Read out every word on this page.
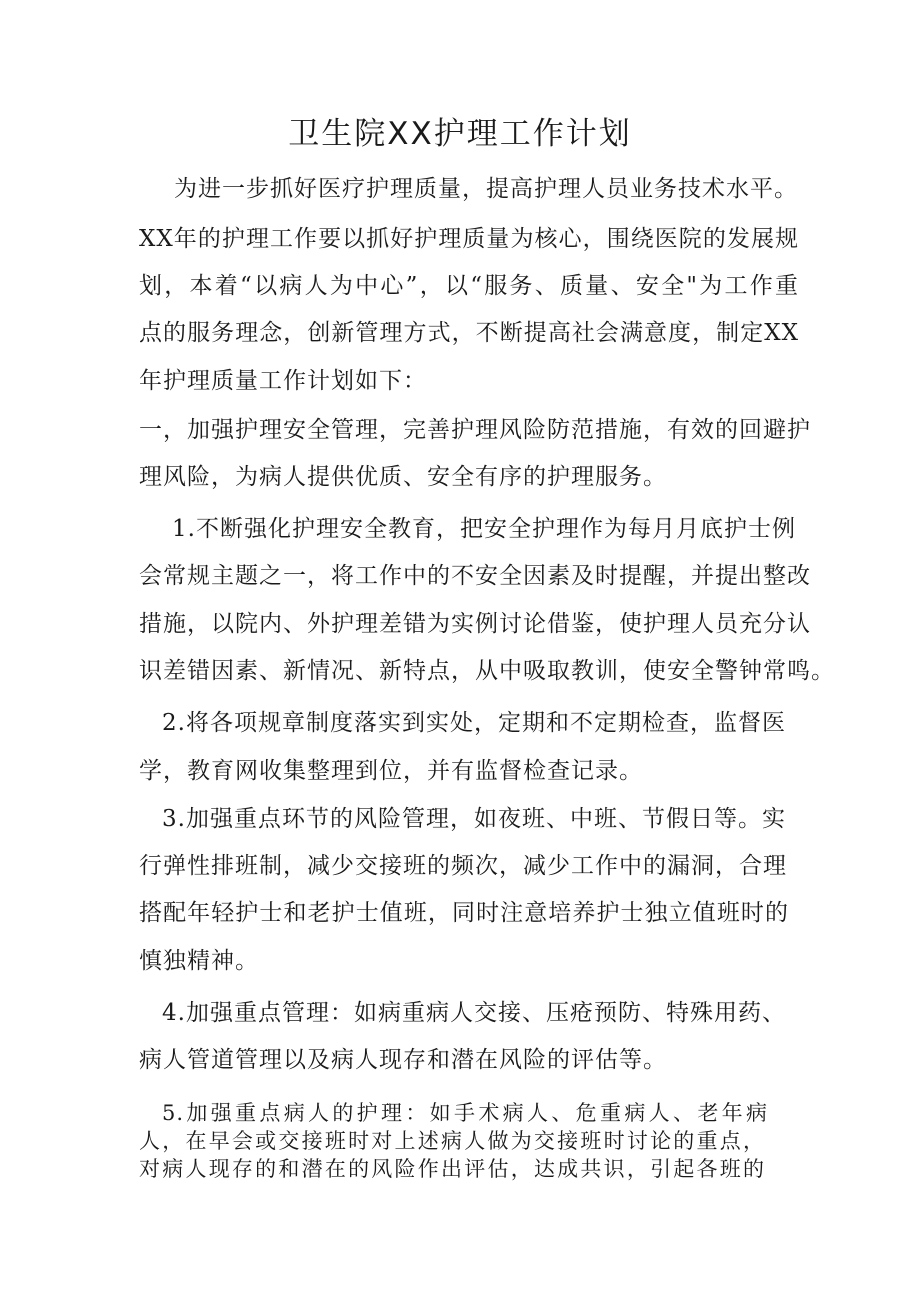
卫生院XX护理工作计划
为进一步抓好医疗护理质量，提高护理人员业务技术水平。
XX年的护理工作要以抓好护理质量为核心，围绕医院的发展规
划，本着“以病人为中心”，以“服务、质量、安全"为工作重
点的服务理念，创新管理方式，不断提高社会满意度，制定XX
年护理质量工作计划如下：
一，加强护理安全管理，完善护理风险防范措施，有效的回避护
理风险，为病人提供优质、安全有序的护理服务。
1.不断强化护理安全教育，把安全护理作为每月月底护士例
会常规主题之一，将工作中的不安全因素及时提醒，并提出整改
措施，以院内、外护理差错为实例讨论借鉴，使护理人员充分认
识差错因素、新情况、新特点，从中吸取教训，使安全警钟常鸣。
2.将各项规章制度落实到实处，定期和不定期检查，监督医
学，教育网收集整理到位，并有监督检查记录。
3.加强重点环节的风险管理，如夜班、中班、节假日等。实
行弹性排班制，减少交接班的频次，减少工作中的漏洞，合理
搭配年轻护士和老护士值班，同时注意培养护士独立值班时的
慎独精神。
4.加强重点管理：如病重病人交接、压疮预防、特殊用药、
病人管道管理以及病人现存和潜在风险的评估等。
5.加强重点病人的护理：如手术病人、危重病人、老年病
人，在早会或交接班时对上述病人做为交接班时讨论的重点，
对病人现存的和潜在的风险作出评估，达成共识，引起各班的
